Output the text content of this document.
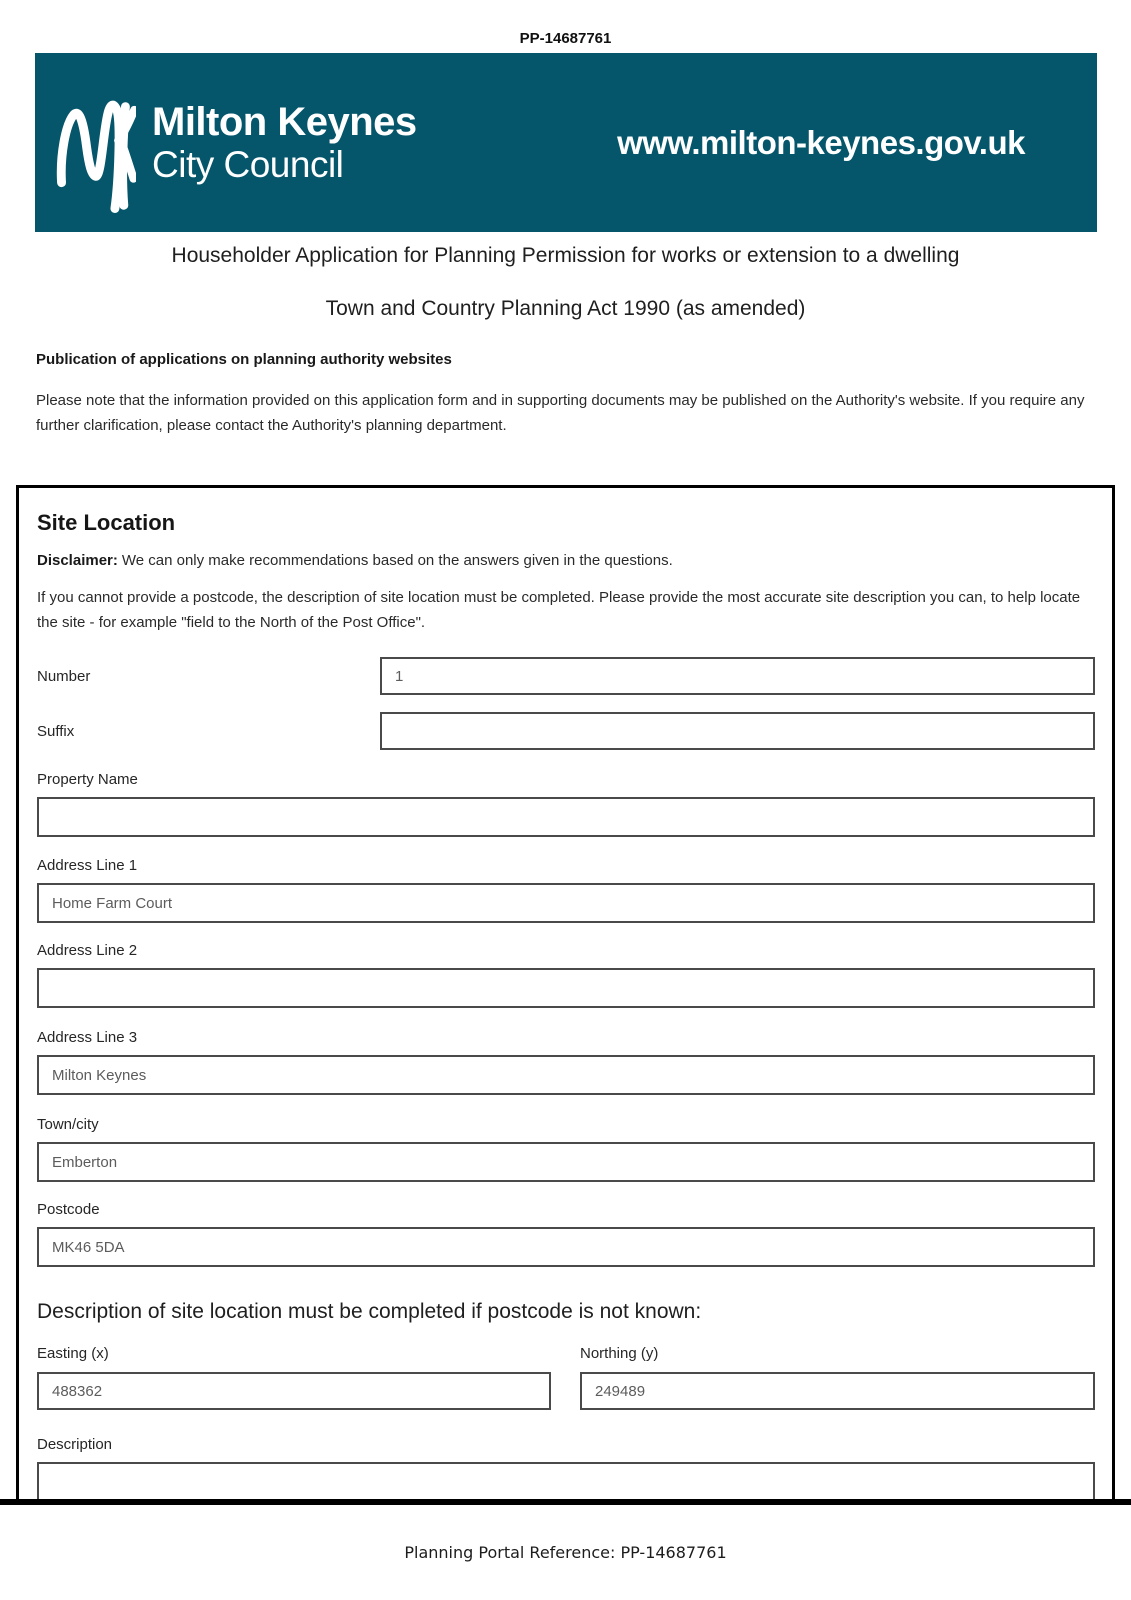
PP-14687761
Milton Keynes
City Council
www.milton-keynes.gov.uk
Householder Application for Planning Permission for works or extension to a dwelling
Town and Country Planning Act 1990 (as amended)
Publication of applications on planning authority websites
Please note that the information provided on this application form and in supporting documents may be published on the Authority's website. If you require any further clarification, please contact the Authority's planning department.
Site Location
Disclaimer: We can only make recommendations based on the answers given in the questions.
If you cannot provide a postcode, the description of site location must be completed. Please provide the most accurate site description you can, to help locate the site - for example "field to the North of the Post Office".
Number
1
Suffix
Property Name
Address Line 1
Home Farm Court
Address Line 2
Address Line 3
Milton Keynes
Town/city
Emberton
Postcode
MK46 5DA
Description of site location must be completed if postcode is not known:
Easting (x)
488362	Northing (y)
249489
Description
Planning Portal Reference: PP-14687761
